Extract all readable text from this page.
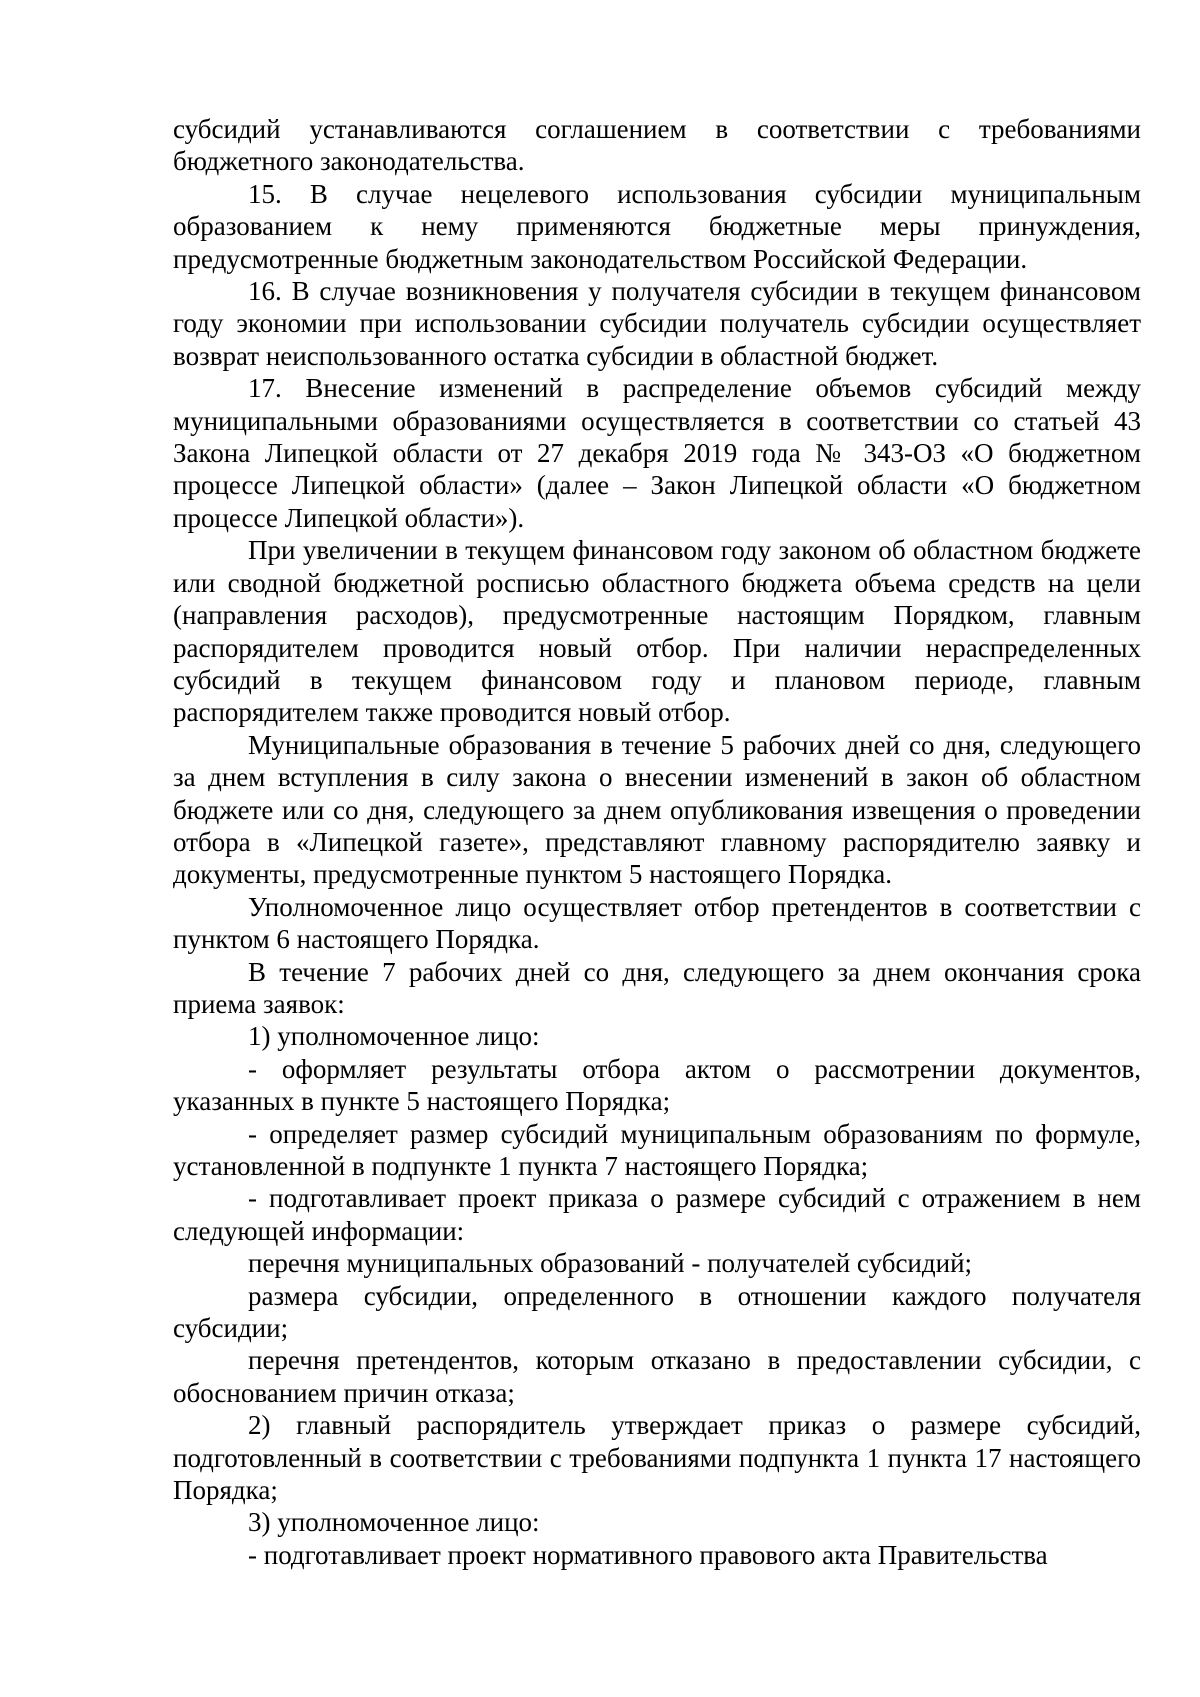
субсидий устанавливаются соглашением в соответствии с требованиями бюджетного законодательства.

15. В случае нецелевого использования субсидии муниципальным образованием к нему применяются бюджетные меры принуждения, предусмотренные бюджетным законодательством Российской Федерации.

16. В случае возникновения у получателя субсидии в текущем финансовом году экономии при использовании субсидии получатель субсидии осуществляет возврат неиспользованного остатка субсидии в областной бюджет.

17. Внесение изменений в распределение объемов субсидий между муниципальными образованиями осуществляется в соответствии со статьей 43 Закона Липецкой области от 27 декабря 2019 года № 343-ОЗ «О бюджетном процессе Липецкой области» (далее – Закон Липецкой области «О бюджетном процессе Липецкой области»).

При увеличении в текущем финансовом году законом об областном бюджете или сводной бюджетной росписью областного бюджета объема средств на цели (направления расходов), предусмотренные настоящим Порядком, главным распорядителем проводится новый отбор. При наличии нераспределенных субсидий в текущем финансовом году и плановом периоде, главным распорядителем также проводится новый отбор.

Муниципальные образования в течение 5 рабочих дней со дня, следующего за днем вступления в силу закона о внесении изменений в закон об областном бюджете или со дня, следующего за днем опубликования извещения о проведении отбора в «Липецкой газете», представляют главному распорядителю заявку и документы, предусмотренные пунктом 5 настоящего Порядка.

Уполномоченное лицо осуществляет отбор претендентов в соответствии с пунктом 6 настоящего Порядка.

В течение 7 рабочих дней со дня, следующего за днем окончания срока приема заявок:

1) уполномоченное лицо:

- оформляет результаты отбора актом о рассмотрении документов, указанных в пункте 5 настоящего Порядка;

- определяет размер субсидий муниципальным образованиям по формуле, установленной в подпункте 1 пункта 7 настоящего Порядка;

- подготавливает проект приказа о размере субсидий с отражением в нем следующей информации:

перечня муниципальных образований - получателей субсидий;

размера субсидии, определенного в отношении каждого получателя субсидии;

перечня претендентов, которым отказано в предоставлении субсидии, с обоснованием причин отказа;

2) главный распорядитель утверждает приказ о размере субсидий, подготовленный в соответствии с требованиями подпункта 1 пункта 17 настоящего Порядка;

3) уполномоченное лицо:

- подготавливает проект нормативного правового акта Правительства
